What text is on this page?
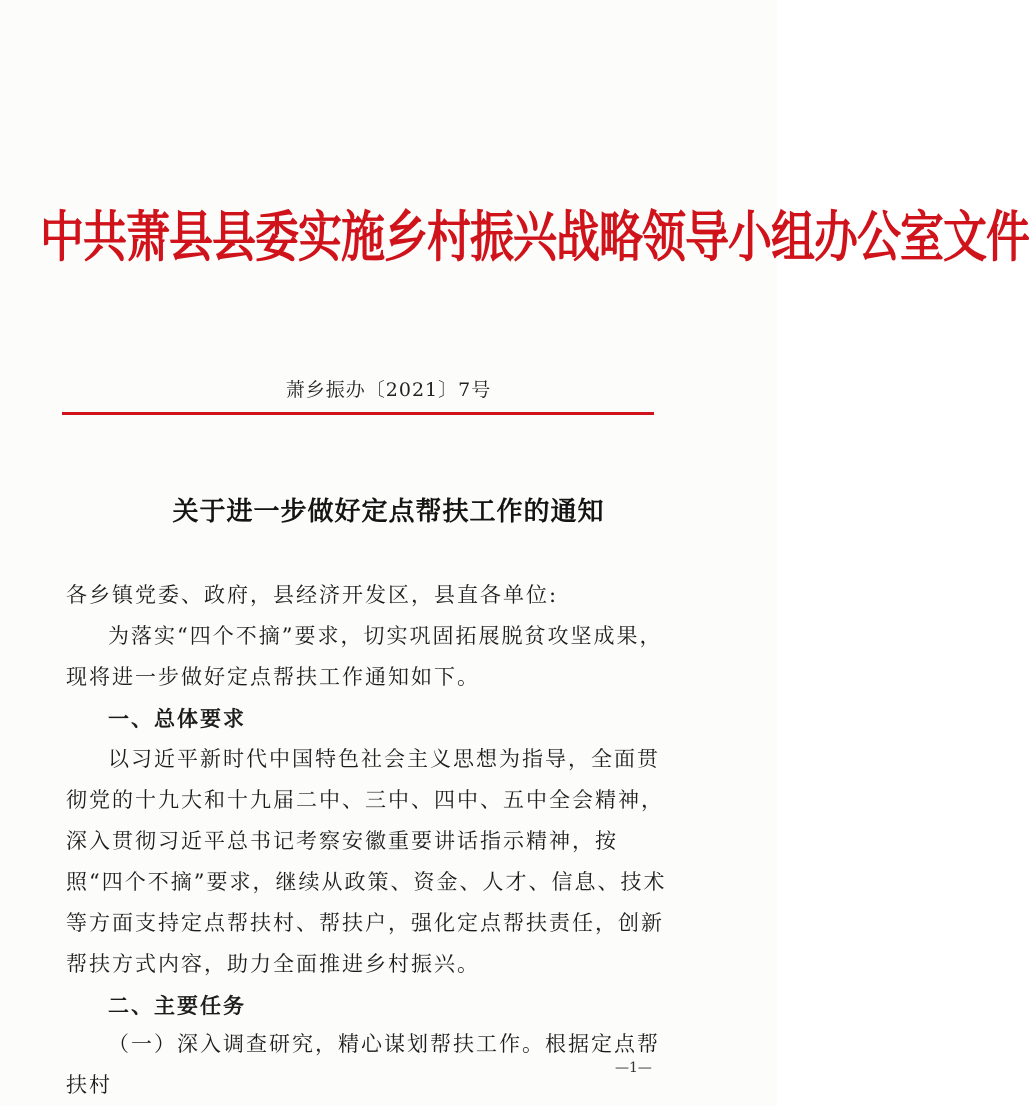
中共萧县县委实施乡村振兴战略领导小组办公室文件
萧乡振办〔2021〕7号
关于进一步做好定点帮扶工作的通知
各乡镇党委、政府，县经济开发区，县直各单位:
为落实“四个不摘”要求，切实巩固拓展脱贫攻坚成果，现将进一步做好定点帮扶工作通知如下。
一、总体要求
以习近平新时代中国特色社会主义思想为指导，全面贯彻党的十九大和十九届二中、三中、四中、五中全会精神，深入贯彻习近平总书记考察安徽重要讲话指示精神，按照“四个不摘”要求，继续从政策、资金、人才、信息、技术等方面支持定点帮扶村、帮扶户，强化定点帮扶责任，创新帮扶方式内容，助力全面推进乡村振兴。
二、主要任务
（一）深入调查研究，精心谋划帮扶工作。根据定点帮扶村
—1—
